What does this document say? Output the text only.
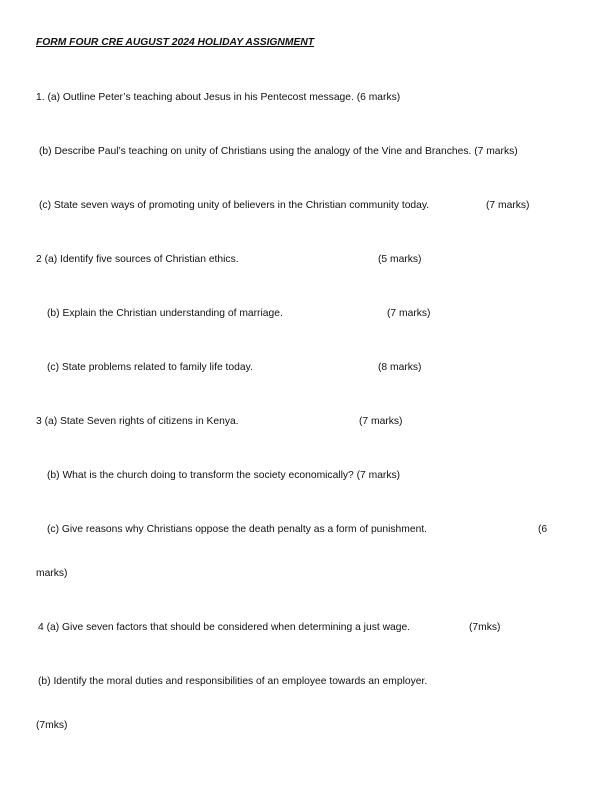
FORM FOUR CRE AUGUST 2024 HOLIDAY ASSIGNMENT
1. (a) Outline Peter’s teaching about Jesus in his Pentecost message. (6 marks)
(b) Describe Paul’s teaching on unity of Christians using the analogy of the Vine and Branches. (7 marks)
(c) State seven ways of promoting unity of believers in the Christian community today.	(7 marks)
2 (a) Identify five sources of Christian ethics.	(5 marks)
(b) Explain the Christian understanding of marriage.	(7 marks)
(c) State problems related to family life today.	(8 marks)
3 (a) State Seven rights of citizens in Kenya.	(7 marks)
(b) What is the church doing to transform the society economically? (7 marks)
(c) Give reasons why Christians oppose the death penalty as a form of punishment.	(6
marks)
4 (a) Give seven factors that should be considered when determining a just wage.	(7mks)
(b) Identify the moral duties and responsibilities of an employee towards an employer.
(7mks)
